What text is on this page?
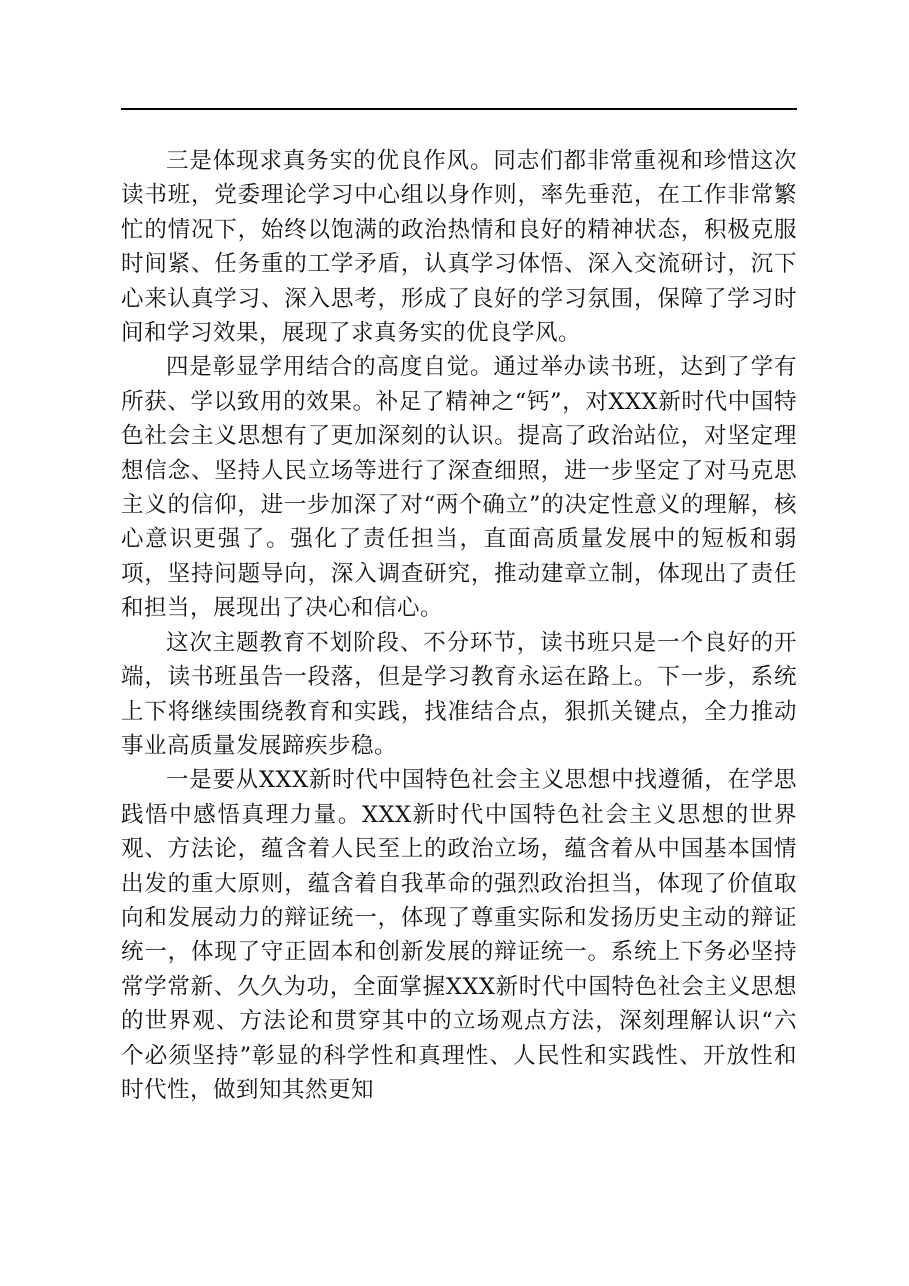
三是体现求真务实的优良作风。同志们都非常重视和珍惜这次读书班，党委理论学习中心组以身作则，率先垂范，在工作非常繁忙的情况下，始终以饱满的政治热情和良好的精神状态，积极克服时间紧、任务重的工学矛盾，认真学习体悟、深入交流研讨，沉下心来认真学习、深入思考，形成了良好的学习氛围，保障了学习时间和学习效果，展现了求真务实的优良学风。

四是彰显学用结合的高度自觉。通过举办读书班，达到了学有所获、学以致用的效果。补足了精神之“钙”，对XXX新时代中国特色社会主义思想有了更加深刻的认识。提高了政治站位，对坚定理想信念、坚持人民立场等进行了深查细照，进一步坚定了对马克思主义的信仰，进一步加深了对“两个确立”的决定性意义的理解，核心意识更强了。强化了责任担当，直面高质量发展中的短板和弱项，坚持问题导向，深入调查研究，推动建章立制，体现出了责任和担当，展现出了决心和信心。

这次主题教育不划阶段、不分环节，读书班只是一个良好的开端，读书班虽告一段落，但是学习教育永运在路上。下一步，系统上下将继续围绕教育和实践，找准结合点，狠抓关键点，全力推动事业高质量发展蹄疾步稳。

一是要从XXX新时代中国特色社会主义思想中找遵循，在学思践悟中感悟真理力量。XXX新时代中国特色社会主义思想的世界观、方法论，蕴含着人民至上的政治立场，蕴含着从中国基本国情出发的重大原则，蕴含着自我革命的强烈政治担当，体现了价值取向和发展动力的辩证统一，体现了尊重实际和发扬历史主动的辩证统一，体现了守正固本和创新发展的辩证统一。系统上下务必坚持常学常新、久久为功，全面掌握XXX新时代中国特色社会主义思想的世界观、方法论和贯穿其中的立场观点方法，深刻理解认识“六个必须坚持”彰显的科学性和真理性、人民性和实践性、开放性和时代性，做到知其然更知
